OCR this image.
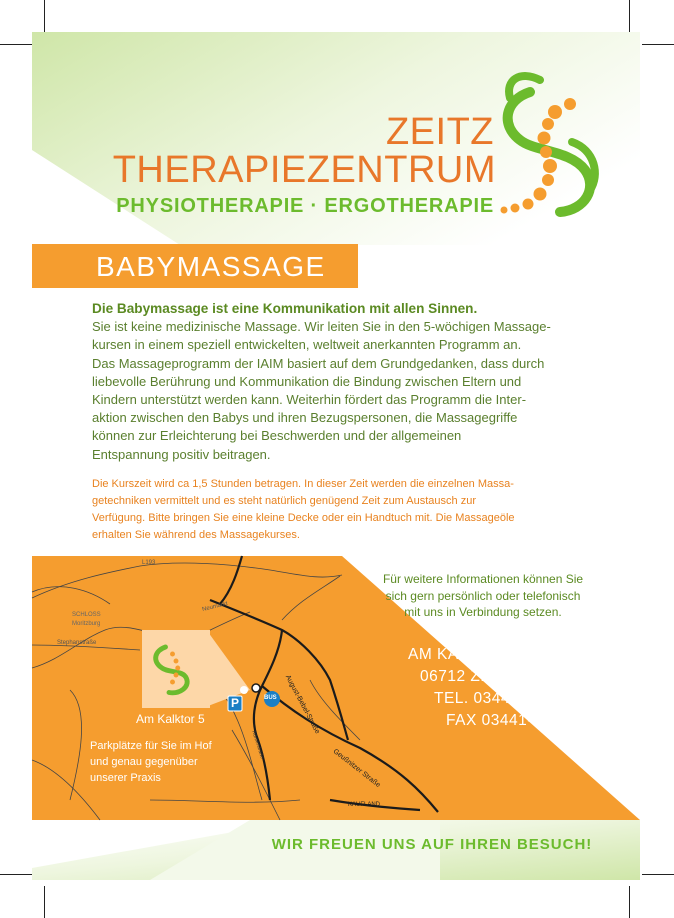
ZEITZ
THERAPIEZENTRUM
PHYSIOTHERAPIE · ERGOTHERAPIE
BABYMASSAGE
Die Babymassage ist eine Kommunikation mit allen Sinnen.
Sie ist keine medizinische Massage. Wir leiten Sie in den 5-wöchigen Massage-
kursen in einem speziell entwickelten, weltweit anerkannten Programm an.
Das Massageprogramm der IAIM basiert auf dem Grundgedanken, dass durch
liebevolle Berührung und Kommunikation die Bindung zwischen Eltern und
Kindern unterstützt werden kann. Weiterhin fördert das Programm die Inter-
aktion zwischen den Babys und ihren Bezugspersonen, die Massagegriffe
können zur Erleichterung bei Beschwerden und der allgemeinen
Entspannung positiv beitragen.
Die Kurszeit wird ca 1,5 Stunden betragen. In dieser Zeit werden die einzelnen Massa-
getechniken vermittelt und es steht natürlich genügend Zeit zum Austausch zur
Verfügung. Bitte bringen Sie eine kleine Decke oder ein Handtuch mit. Die Massageöle
erhalten Sie während des Massagekurses.
Für weitere Informationen können Sie
sich gern persönlich oder telefonisch
mit uns in Verbindung setzen.
AM KALKTOR 5
06712 ZEITZ
TEL. 03441-6885590
FAX 03441-6885591
L193
SCHLOSS
Moritzburg
Stephanstraße
Neumarkt
August-Bebel-Straße
Geußnitzer Straße
Römerstraße
KAUFLAND
BUS
P
Am Kalktor 5
Parkplätze für Sie im Hof
und genau gegenüber
unserer Praxis
WIR FREUEN UNS AUF IHREN BESUCH!
